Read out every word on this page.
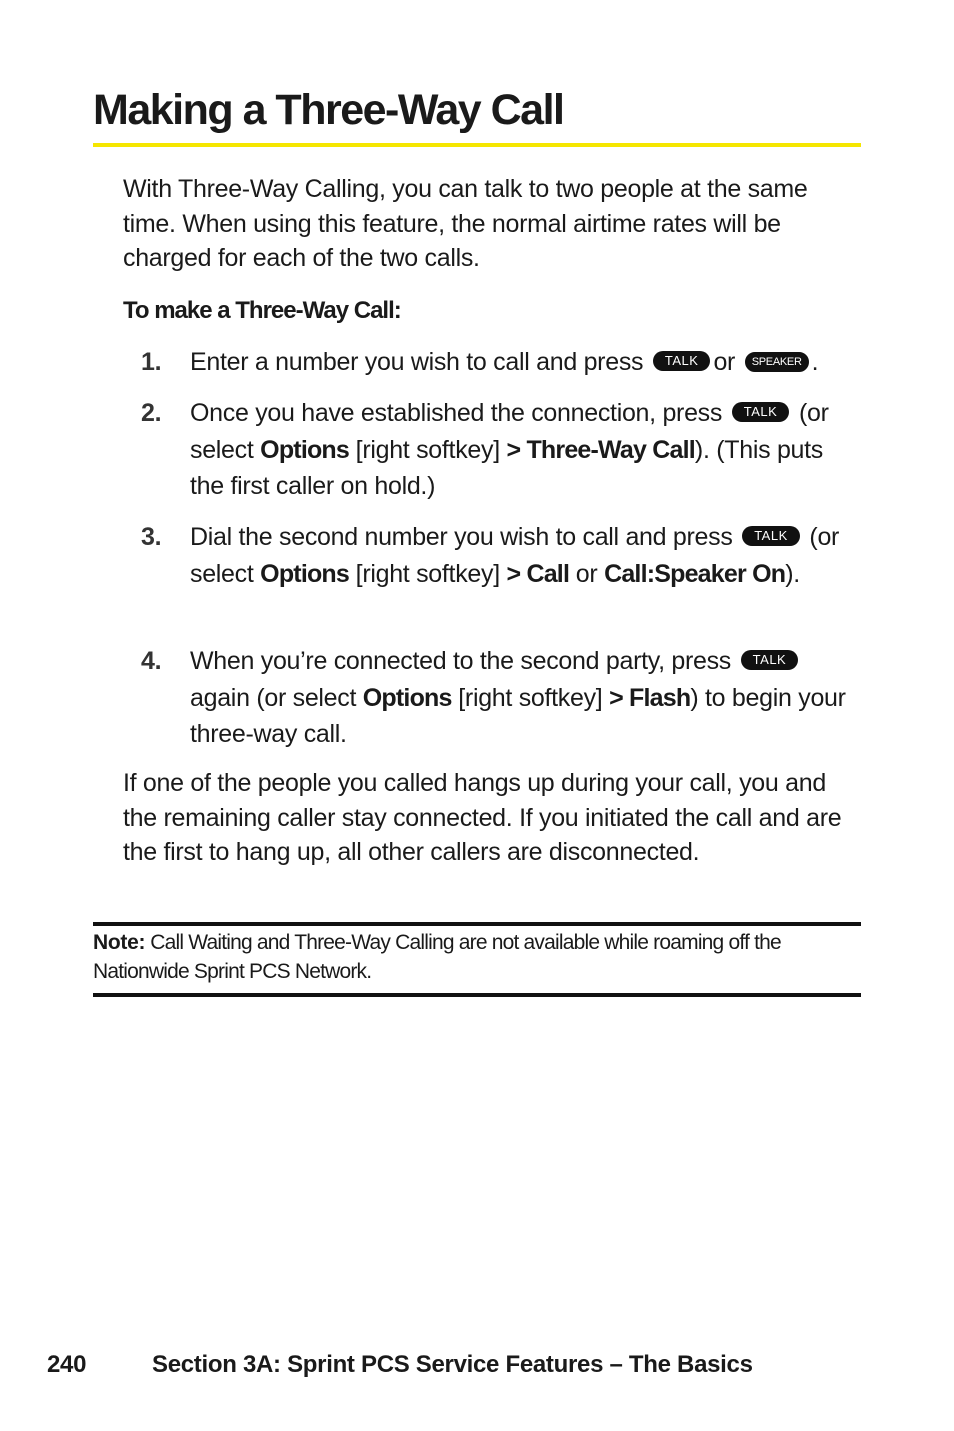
Making a Three-Way Call

With Three-Way Calling, you can talk to two people at the same time. When using this feature, the normal airtime rates will be charged for each of the two calls.

To make a Three-Way Call:

1.	Enter a number you wish to call and press TALK or SPEAKER .
2.	Once you have established the connection, press TALK (or select Options [right softkey] > Three-Way Call). (This puts the first caller on hold.)
3.	Dial the second number you wish to call and press TALK (or select Options [right softkey] > Call or Call:Speaker On).
4.	When you’re connected to the second party, press TALK again (or select Options [right softkey] > Flash) to begin your three-way call.

If one of the people you called hangs up during your call, you and the remaining caller stay connected. If you initiated the call and are the first to hang up, all other callers are disconnected.

Note: Call Waiting and Three-Way Calling are not available while roaming off the Nationwide Sprint PCS Network.

240	Section 3A: Sprint PCS Service Features – The Basics
